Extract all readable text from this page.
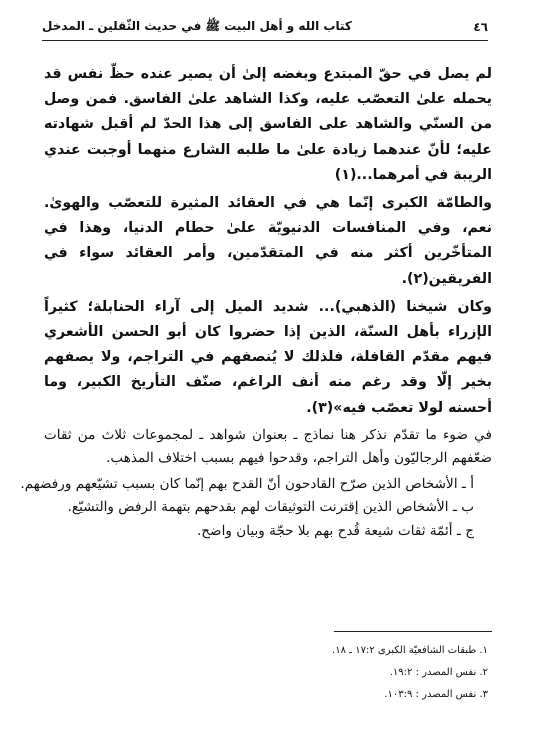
٤٦
كتاب الله و أهل البيت ﷺ في حديث الثّقلين ـ المدخل

لم يصل في حقّ المبتدع وبغضه إلىٰ أن يصير عنده حظّ نفس قد يحمله علىٰ التعصّب عليه، وكذا الشاهد علىٰ الفاسق. فمن وصل من السنّي والشاهد على الفاسق إلى هذا الحدّ لم أقبل شهادته عليه؛ لأنّ عندهما زيادة علىٰ ما طلبه الشارع منهما أوجبت عندي الريبة في أمرهما...(١)

والطامّة الكبرى إنّما هي في العقائد المثيرة للتعصّب والهوىٰ. نعم، وفي المنافسات الدنيويّة علىٰ حطام الدنيا، وهذا في المتأخّرين أكثر منه في المتقدّمين، وأمر العقائد سواء في الفريقين(٢).

وكان شيخنا (الذهبي)... شديد الميل إلى آراء الحنابلة؛ كثيراً الإزراء بأهل السنّة، الذين إذا حضروا كان أبو الحسن الأشعري فيهم مقدّم القافلة، فلذلك لا يُنصفهم في التراجم، ولا يصفهم بخير إلّا وقد رغم منه أنف الراغم، صنّف التأريخ الكبير، وما أحسنه لولا تعصّب فيه»(٣).

في ضوء ما تقدّم نذكر هنا نماذج ـ بعنوان شواهد ـ لمجموعات ثلاث من ثقات ضعّفهم الرجاليّون وأهل التراجم، وقدحوا فيهم بسبب اختلاف المذهب.

أ ـ الأشخاص الذين صرّح القادحون أنّ القدح بهم إنّما كان بسبب تشيّعهم ورفضهم.
ب ـ الأشخاص الذين إقترنت التوثيقات لهم بقدحهم بتهمة الرفض والتشيّع.
ج ـ أئمّة ثقات شيعة قُدح بهم بلا حجّة وبيان واضح.
١. طبقات الشافعيّة الكبرى ١٧:٢ ـ ١٨.
٢. نفس المصدر : ١٩:٢.
٣. نفس المصدر : ١٠٣:٩.
